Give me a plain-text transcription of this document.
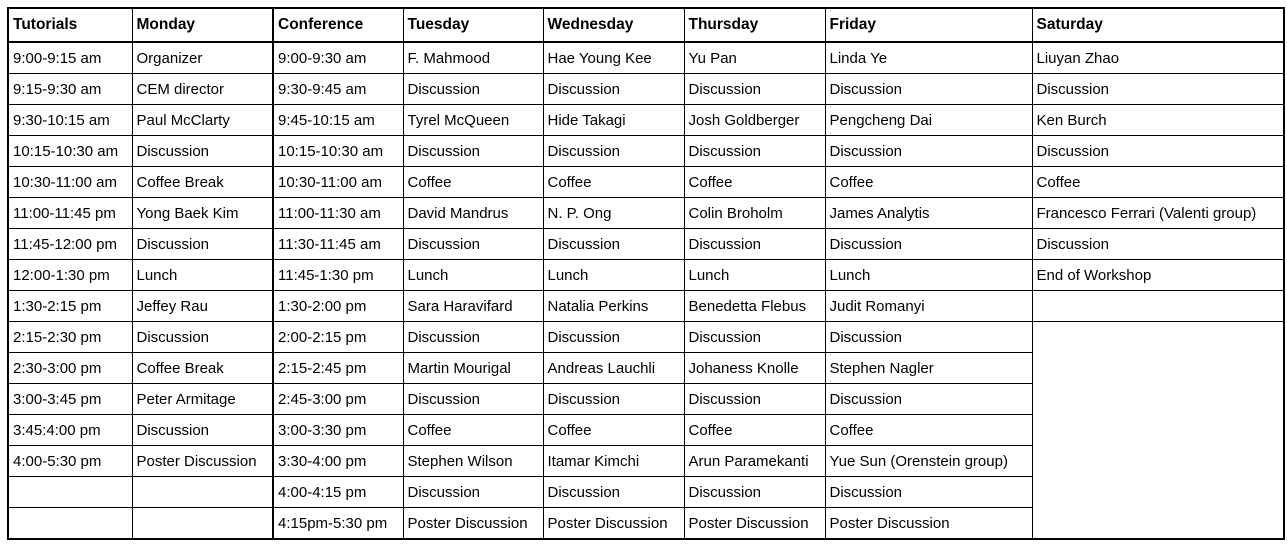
Tutorials	Monday	Conference	Tuesday	Wednesday	Thursday	Friday	Saturday
9:00-9:15 am	Organizer	9:00-9:30 am	F. Mahmood	Hae Young Kee	Yu Pan	Linda Ye	Liuyan Zhao
9:15-9:30 am	CEM director	9:30-9:45 am	Discussion	Discussion	Discussion	Discussion	Discussion
9:30-10:15 am	Paul McClarty	9:45-10:15 am	Tyrel McQueen	Hide Takagi	Josh Goldberger	Pengcheng Dai	Ken Burch
10:15-10:30 am	Discussion	10:15-10:30 am	Discussion	Discussion	Discussion	Discussion	Discussion
10:30-11:00 am	Coffee Break	10:30-11:00 am	Coffee	Coffee	Coffee	Coffee	Coffee
11:00-11:45 pm	Yong Baek Kim	11:00-11:30 am	David Mandrus	N. P. Ong	Colin Broholm	James Analytis	Francesco Ferrari (Valenti group)
11:45-12:00 pm	Discussion	11:30-11:45 am	Discussion	Discussion	Discussion	Discussion	Discussion
12:00-1:30 pm	Lunch	11:45-1:30 pm	Lunch	Lunch	Lunch	Lunch	End of Workshop
1:30-2:15 pm	Jeffey Rau	1:30-2:00 pm	Sara Haravifard	Natalia Perkins	Benedetta Flebus	Judit Romanyi	
2:15-2:30 pm	Discussion	2:00-2:15 pm	Discussion	Discussion	Discussion	Discussion	
2:30-3:00 pm	Coffee Break	2:15-2:45 pm	Martin Mourigal	Andreas Lauchli	Johaness Knolle	Stephen Nagler	
3:00-3:45 pm	Peter Armitage	2:45-3:00 pm	Discussion	Discussion	Discussion	Discussion	
3:45:4:00 pm	Discussion	3:00-3:30 pm	Coffee	Coffee	Coffee	Coffee	
4:00-5:30 pm	Poster Discussion	3:30-4:00 pm	Stephen Wilson	Itamar Kimchi	Arun Paramekanti	Yue Sun (Orenstein group)	
		4:00-4:15 pm	Discussion	Discussion	Discussion	Discussion	
		4:15pm-5:30 pm	Poster Discussion	Poster Discussion	Poster Discussion	Poster Discussion	
